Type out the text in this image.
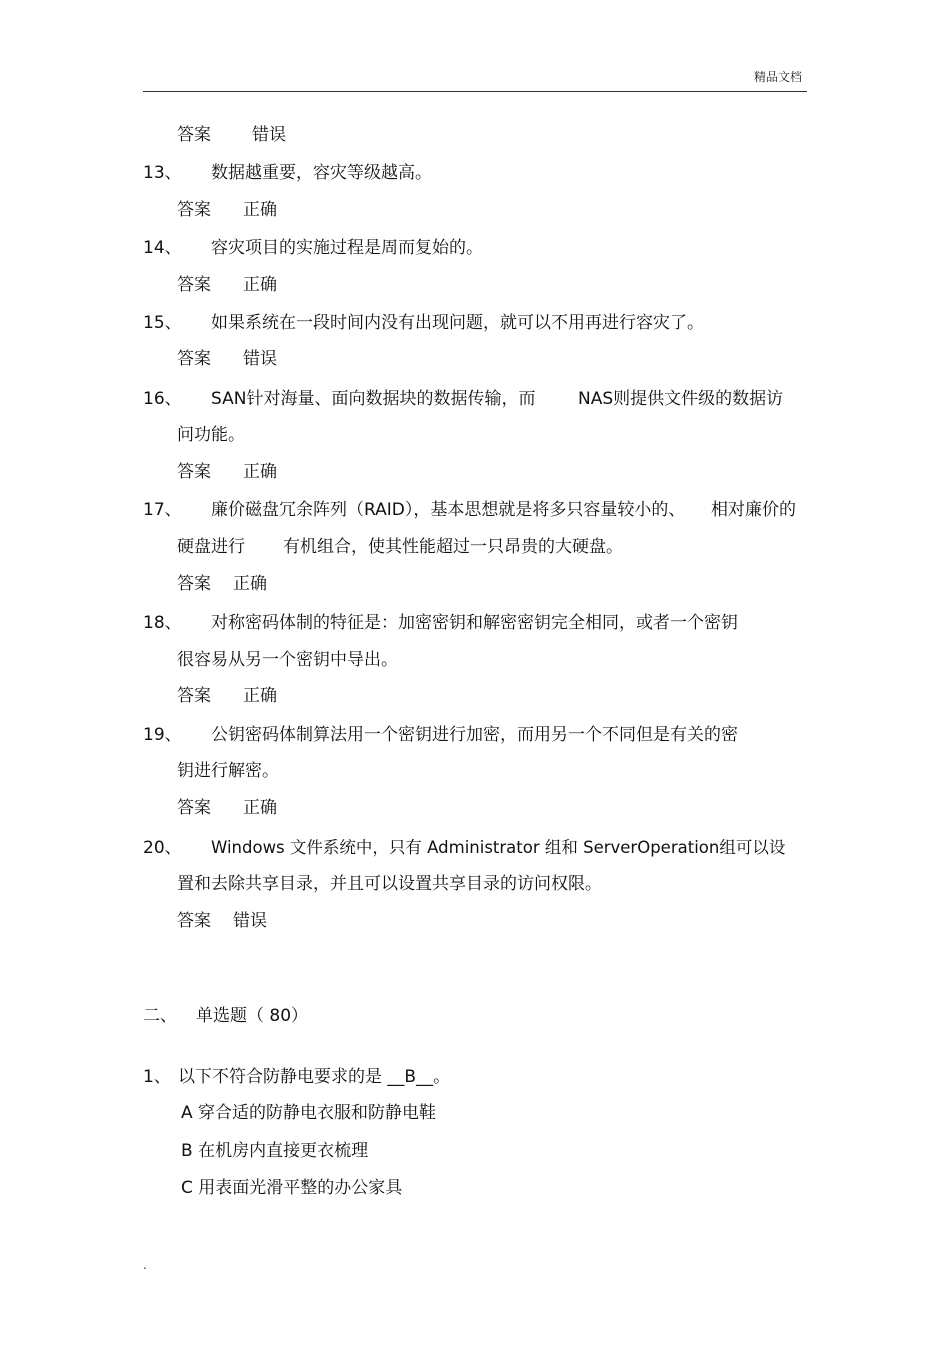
精品文档
答案 错误
13、 数据越重要，容灾等级越高。
答案 正确
14、 容灾项目的实施过程是周而复始的。
答案 正确
15、 如果系统在一段时间内没有出现问题，就可以不用再进行容灾了。
答案 错误
16、 SAN针对海量、面向数据块的数据传输，而	NAS则提供文件级的数据访
问功能。
答案 正确
17、 廉价磁盘冗余阵列（RAID），基本思想就是将多只容量较小的、 相对廉价的
硬盘进行 有机组合，使其性能超过一只昂贵的大硬盘。
答案 正确
18、 对称密码体制的特征是：加密密钥和解密密钥完全相同，或者一个密钥
很容易从另一个密钥中导出。
答案 正确
19、 公钥密码体制算法用一个密钥进行加密，而用另一个不同但是有关的密
钥进行解密。
答案 正确
20、 Windows 文件系统中，只有 Administrator 组和 ServerOperation组可以设
置和去除共享目录，并且可以设置共享目录的访问权限。
答案 错误
二、 单选题（ 80）
1、 以下不符合防静电要求的是 __B__。
A 穿合适的防静电衣服和防静电鞋
B 在机房内直接更衣梳理
C 用表面光滑平整的办公家具
.
